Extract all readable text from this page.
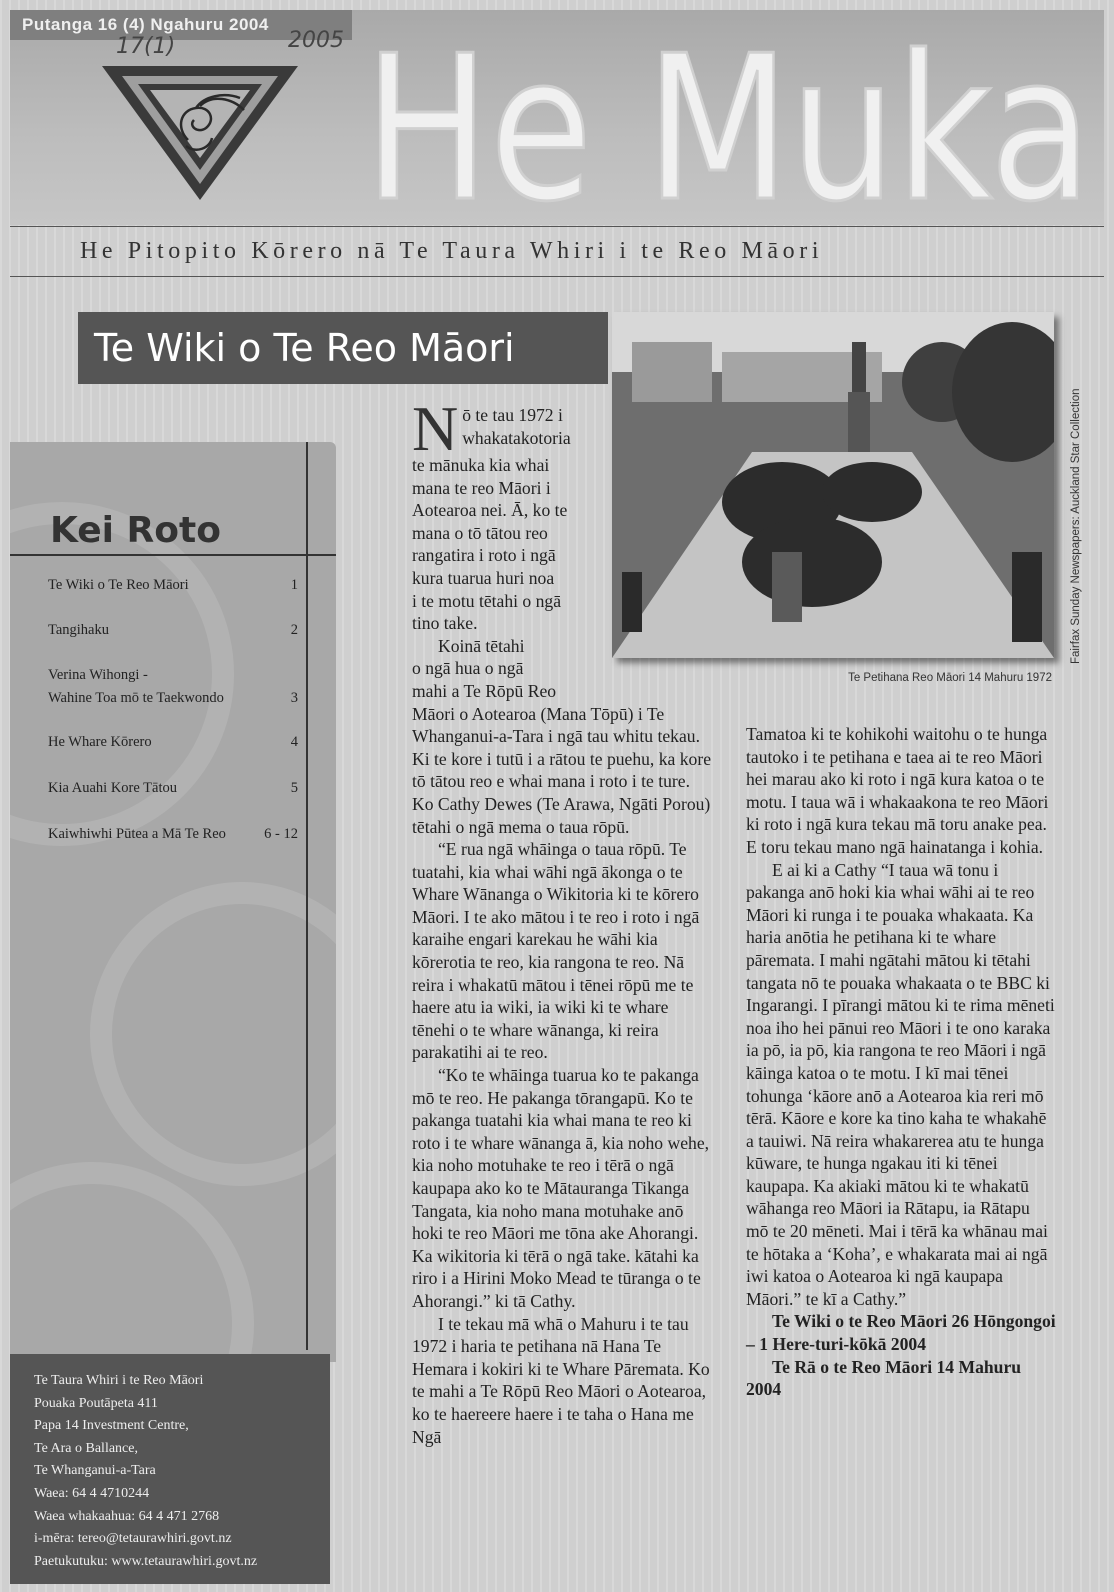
Putanga 16 (4) Ngahuru 2004
17(1)	2005 He Muka
He Pitopito Kōrero nā Te Taura Whiri i te Reo Māori
Te Wiki o Te Reo Māori
Fairfax Sunday Newspapers: Auckland Star Collection
Te Petihana Reo Māori 14 Mahuru 1972
Kei Roto
Te Wiki o Te Reo Māori	1
Tangihaku	2
Verina Wihongi -
Wahine Toa mō te Taekwondo	3
He Whare Kōrero	4
Kia Auahi Kore Tātou	5
Kaiwhiwhi Pūtea a Mā Te Reo	6 - 12
Te Taura Whiri i te Reo Māori
Pouaka Poutāpeta 411
Papa 14 Investment Centre,
Te Ara o Ballance,
Te Whanganui-a-Tara
Waea: 64 4 4710244
Waea whakaahua: 64 4 471 2768
i-mēra: tereo@tetaurawhiri.govt.nz
Paetukutuku: www.tetaurawhiri.govt.nz
N ō te tau 1972 i
whakatakotoria
te mānuka kia whai
mana te reo Māori i
Aotearoa nei. Ā, ko te
mana o tō tātou reo
rangatira i roto i ngā
kura tuarua huri noa
i te motu tētahi o ngā
tino take.
Koinā tētahi
o ngā hua o ngā
mahi a Te Rōpū Reo

Māori o Aotearoa (Mana Tōpū) i Te Whanganui-a-Tara i ngā tau whitu tekau. Ki te kore i tutū i a rātou te puehu, ka kore tō tātou reo e whai mana i roto i te ture. Ko Cathy Dewes (Te Arawa, Ngāti Porou) tētahi o ngā mema o taua rōpū.

“E rua ngā whāinga o taua rōpū. Te tuatahi, kia whai wāhi ngā ākonga o te Whare Wānanga o Wikitoria ki te kōrero Māori. I te ako mātou i te reo i roto i ngā karaihe engari karekau he wāhi kia kōrerotia te reo, kia rangona te reo. Nā reira i whakatū mātou i tēnei rōpū me te haere atu ia wiki, ia wiki ki te whare tēnehi o te whare wānanga, ki reira parakatihi ai te reo.

“Ko te whāinga tuarua ko te pakanga mō te reo. He pakanga tōrangapū. Ko te pakanga tuatahi kia whai mana te reo ki roto i te whare wānanga ā, kia noho wehe, kia noho motuhake te reo i tērā o ngā kaupapa ako ko te Mātauranga Tikanga Tangata, kia noho mana motuhake anō hoki te reo Māori me tōna ake Ahorangi. Ka wikitoria ki tērā o ngā take. kātahi ka riro i a Hirini Moko Mead te tūranga o te Ahorangi.” ki tā Cathy.

I te tekau mā whā o Mahuru i te tau 1972 i haria te petihana nā Hana Te Hemara i kokiri ki te Whare Pāremata. Ko te mahi a Te Rōpū Reo Māori o Aotearoa, ko te haereere haere i te taha o Hana me Ngā

Tamatoa ki te kohikohi waitohu o te hunga tautoko i te petihana e taea ai te reo Māori hei marau ako ki roto i ngā kura katoa o te motu. I taua wā i whakaakona te reo Māori ki roto i ngā kura tekau mā toru anake pea. E toru tekau mano ngā hainatanga i kohia.

E ai ki a Cathy “I taua wā tonu i pakanga anō hoki kia whai wāhi ai te reo Māori ki runga i te pouaka whakaata. Ka haria anōtia he petihana ki te whare pāremata. I mahi ngātahi mātou ki tētahi tangata nō te pouaka whakaata o te BBC ki Ingarangi. I pīrangi mātou ki te rima mēneti noa iho hei pānui reo Māori i te ono karaka ia pō, ia pō, kia rangona te reo Māori i ngā kāinga katoa o te motu. I kī mai tēnei tohunga ‘kāore anō a Aotearoa kia reri mō tērā. Kāore e kore ka tino kaha te whakahē a tauiwi. Nā reira whakarerea atu te hunga kūware, te hunga ngakau iti ki tēnei kaupapa. Ka akiaki mātou ki te whakatū wāhanga reo Māori ia Rātapu, ia Rātapu mō te 20 mēneti. Mai i tērā ka whānau mai te hōtaka a ‘Koha’, e whakarata mai ai ngā iwi katoa o Aotearoa ki ngā kaupapa Māori.” te kī a Cathy.”

Te Wiki o te Reo Māori 26 Hōngongoi – 1 Here-turi-kōkā 2004

Te Rā o te Reo Māori 14 Mahuru 2004
